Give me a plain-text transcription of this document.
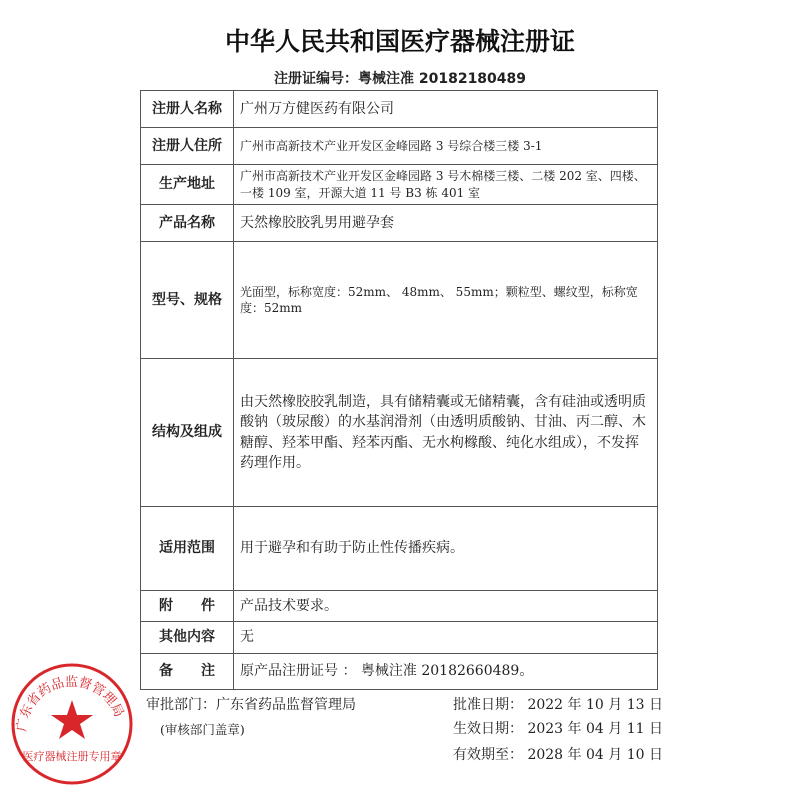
中华人民共和国医疗器械注册证
注册证编号：粤械注准 20182180489
注册人名称	广州万方健医药有限公司
注册人住所	广州市高新技术产业开发区金峰园路 3 号综合楼三楼 3-1
生产地址	广州市高新技术产业开发区金峰园路 3 号木棉楼三楼、二楼 202 室、四楼、一楼 109 室，开源大道 11 号 B3 栋 401 室
产品名称	天然橡胶胶乳男用避孕套
型号、规格	光面型，标称宽度：52mm、 48mm、 55mm；颗粒型、螺纹型，标称宽度：52mm
结构及组成	由天然橡胶胶乳制造，具有储精囊或无储精囊，含有硅油或透明质酸钠（玻尿酸）的水基润滑剂（由透明质酸钠、甘油、丙二醇、木糖醇、羟苯甲酯、羟苯丙酯、无水枸橼酸、纯化水组成），不发挥药理作用。
适用范围	用于避孕和有助于防止性传播疾病。
附　　件	产品技术要求。
其他内容	无
备　　注	原产品注册证号 ： 粤械注准 20182660489。
审批部门：广东省药品监督管理局
(审核部门盖章)
批准日期： 2022 年 10 月 13 日
生效日期： 2023 年 04 月 11 日
有效期至： 2028 年 04 月 10 日
广东省药品监督管理局
医疗器械注册专用章
